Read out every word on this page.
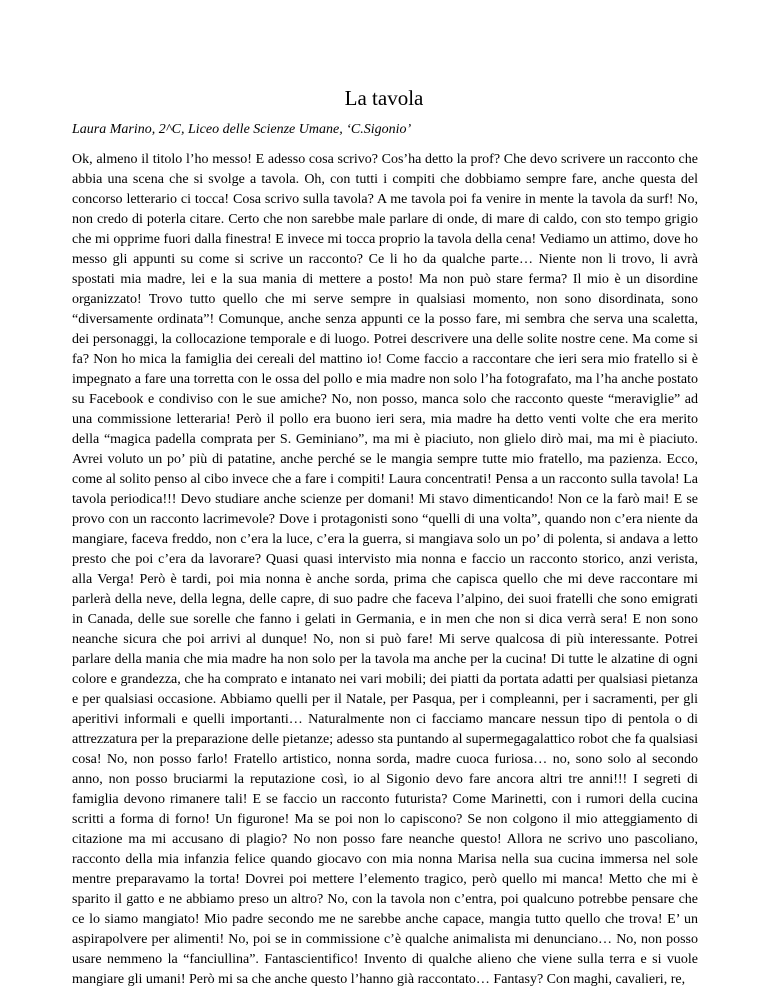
La tavola

Laura Marino, 2^C, Liceo delle Scienze Umane, ‘C.Sigonio’

Ok, almeno il titolo l’ho messo! E adesso cosa scrivo? Cos’ha detto la prof? Che devo scrivere un racconto che abbia una scena che si svolge a tavola. Oh, con tutti i compiti che dobbiamo sempre fare, anche questa del concorso letterario ci tocca! Cosa scrivo sulla tavola? A me tavola poi fa venire in mente la tavola da surf! No, non credo di poterla citare. Certo che non sarebbe male parlare di onde, di mare di caldo, con sto tempo grigio che mi opprime fuori dalla finestra! E invece mi tocca proprio la tavola della cena! Vediamo un attimo, dove ho messo gli appunti su come si scrive un racconto? Ce li ho da qualche parte… Niente non li trovo, li avrà spostati mia madre, lei e la sua mania di mettere a posto! Ma non può stare ferma? Il mio è un disordine organizzato! Trovo tutto quello che mi serve sempre in qualsiasi momento, non sono disordinata, sono “diversamente ordinata”! Comunque, anche senza appunti ce la posso fare, mi sembra che serva una scaletta, dei personaggi, la collocazione temporale e di luogo. Potrei descrivere una delle solite nostre cene. Ma come si fa? Non ho mica la famiglia dei cereali del mattino io! Come faccio a raccontare che ieri sera mio fratello si è impegnato a fare una torretta con le ossa del pollo e mia madre non solo l’ha fotografato, ma l’ha anche postato su Facebook e condiviso con le sue amiche? No, non posso, manca solo che racconto queste “meraviglie” ad una commissione letteraria! Però il pollo era buono ieri sera, mia madre ha detto venti volte che era merito della “magica padella comprata per S. Geminiano”, ma mi è piaciuto, non glielo dirò mai, ma mi è piaciuto. Avrei voluto un po’ più di patatine, anche perché se le mangia sempre tutte mio fratello, ma pazienza. Ecco, come al solito penso al cibo invece che a fare i compiti! Laura concentrati! Pensa a un racconto sulla tavola! La tavola periodica!!! Devo studiare anche scienze per domani! Mi stavo dimenticando! Non ce la farò mai! E se provo con un racconto lacrimevole? Dove i protagonisti sono “quelli di una volta”, quando non c’era niente da mangiare, faceva freddo, non c’era la luce, c’era la guerra, si mangiava solo un po’ di polenta, si andava a letto presto che poi c’era da lavorare? Quasi quasi intervisto mia nonna e faccio un racconto storico, anzi verista, alla Verga! Però è tardi, poi mia nonna è anche sorda, prima che capisca quello che mi deve raccontare mi parlerà della neve, della legna, delle capre, di suo padre che faceva l’alpino, dei suoi fratelli che sono emigrati in Canada, delle sue sorelle che fanno i gelati in Germania, e in men che non si dica verrà sera! E non sono neanche sicura che poi arrivi al dunque! No, non si può fare! Mi serve qualcosa di più interessante. Potrei parlare della mania che mia madre ha non solo per la tavola ma anche per la cucina! Di tutte le alzatine di ogni colore e grandezza, che ha comprato e intanato nei vari mobili; dei piatti da portata adatti per qualsiasi pietanza e per qualsiasi occasione. Abbiamo quelli per il Natale, per Pasqua, per i compleanni, per i sacramenti, per gli aperitivi informali e quelli importanti… Naturalmente non ci facciamo mancare nessun tipo di pentola o di attrezzatura per la preparazione delle pietanze; adesso sta puntando al supermegagalattico robot che fa qualsiasi cosa! No, non posso farlo! Fratello artistico, nonna sorda, madre cuoca furiosa… no, sono solo al secondo anno, non posso bruciarmi la reputazione così, io al Sigonio devo fare ancora altri tre anni!!! I segreti di famiglia devono rimanere tali! E se faccio un racconto futurista? Come Marinetti, con i rumori della cucina scritti a forma di forno! Un figurone! Ma se poi non lo capiscono? Se non colgono il mio atteggiamento di citazione ma mi accusano di plagio? No non posso fare neanche questo! Allora ne scrivo uno pascoliano, racconto della mia infanzia felice quando giocavo con mia nonna Marisa nella sua cucina immersa nel sole mentre preparavamo la torta! Dovrei poi mettere l’elemento tragico, però quello mi manca! Metto che mi è sparito il gatto e ne abbiamo preso un altro? No, con la tavola non c’entra, poi qualcuno potrebbe pensare che ce lo siamo mangiato! Mio padre secondo me ne sarebbe anche capace, mangia tutto quello che trova! E’ un aspirapolvere per alimenti! No, poi se in commissione c’è qualche animalista mi denunciano… No, non posso usare nemmeno la “fanciullina”. Fantascientifico! Invento di qualche alieno che viene sulla terra e si vuole mangiare gli umani! Però mi sa che anche questo l’hanno già raccontato… Fantasy? Con maghi, cavalieri, re,
